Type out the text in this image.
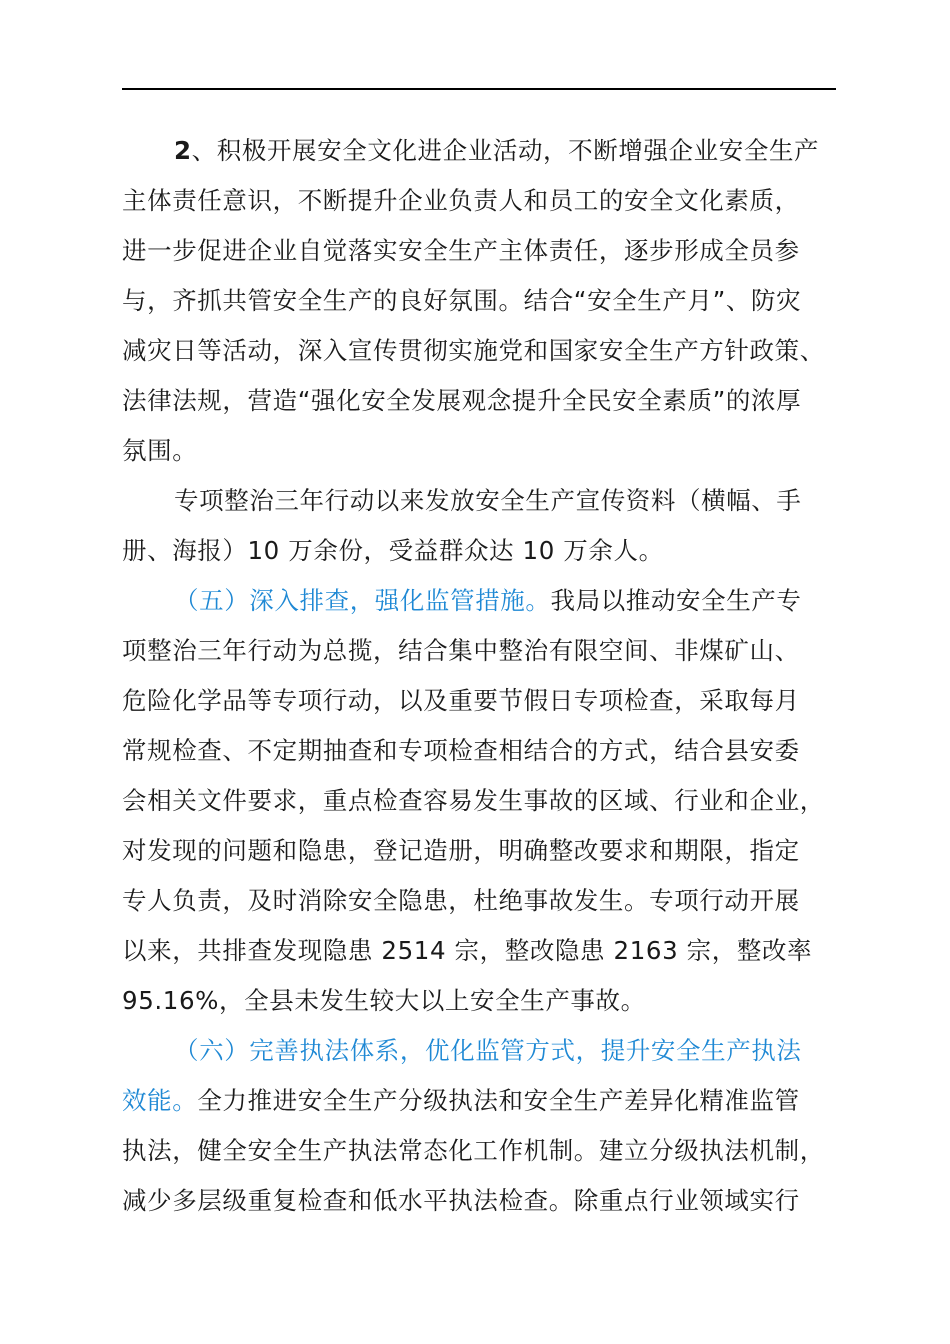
2、积极开展安全文化进企业活动，不断增强企业安全生产
主体责任意识，不断提升企业负责人和员工的安全文化素质，
进一步促进企业自觉落实安全生产主体责任，逐步形成全员参
与，齐抓共管安全生产的良好氛围。结合“安全生产月”、防灾
减灾日等活动，深入宣传贯彻实施党和国家安全生产方针政策、
法律法规，营造“强化安全发展观念提升全民安全素质”的浓厚
氛围。
专项整治三年行动以来发放安全生产宣传资料（横幅、手
册、海报）10 万余份，受益群众达 10 万余人。
（五）深入排查，强化监管措施。我局以推动安全生产专
项整治三年行动为总揽，结合集中整治有限空间、非煤矿山、
危险化学品等专项行动，以及重要节假日专项检查，采取每月
常规检查、不定期抽查和专项检查相结合的方式，结合县安委
会相关文件要求，重点检查容易发生事故的区域、行业和企业，
对发现的问题和隐患，登记造册，明确整改要求和期限，指定
专人负责，及时消除安全隐患，杜绝事故发生。专项行动开展
以来，共排查发现隐患 2514 宗，整改隐患 2163 宗，整改率
95.16%，全县未发生较大以上安全生产事故。
（六）完善执法体系，优化监管方式，提升安全生产执法
效能。全力推进安全生产分级执法和安全生产差异化精准监管
执法，健全安全生产执法常态化工作机制。建立分级执法机制，
减少多层级重复检查和低水平执法检查。除重点行业领域实行
